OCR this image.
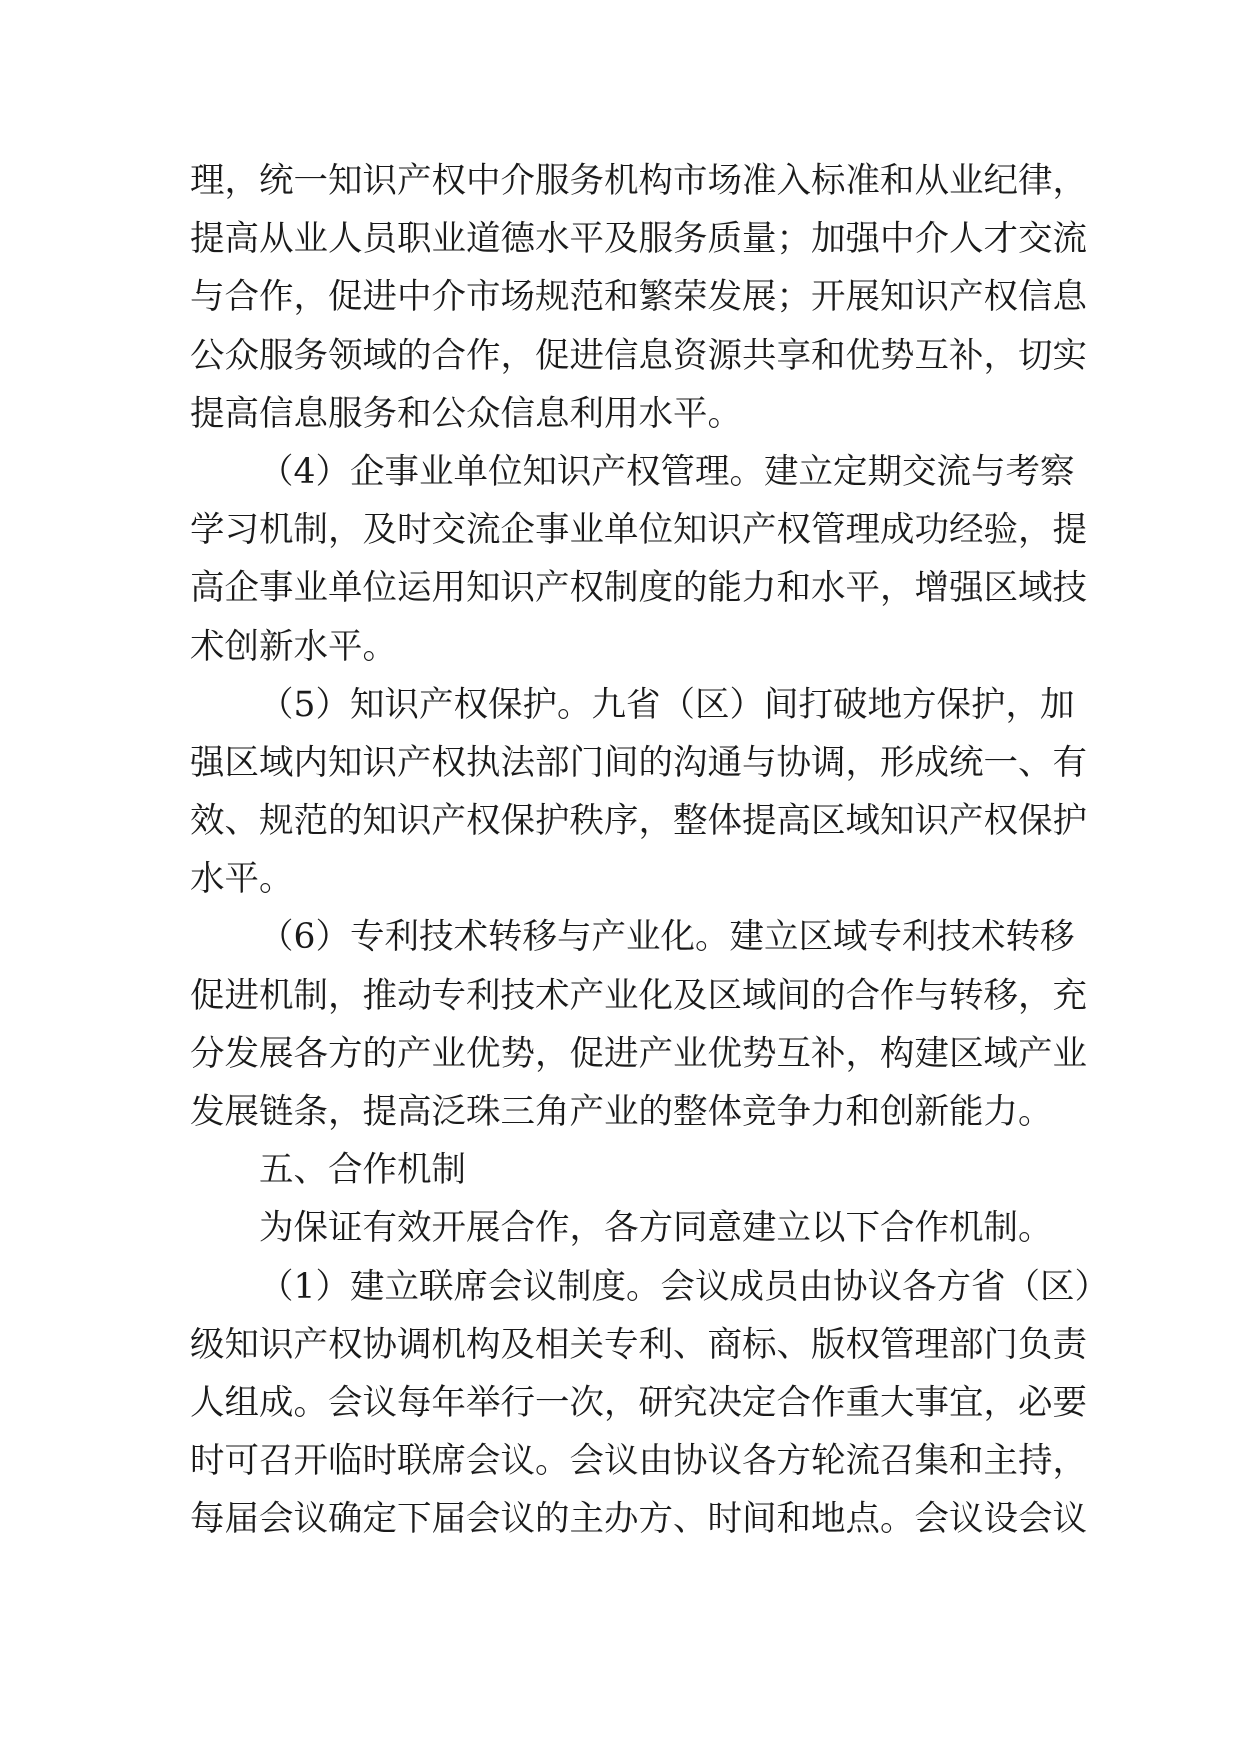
理，统一知识产权中介服务机构市场准入标准和从业纪律，
提高从业人员职业道德水平及服务质量；加强中介人才交流
与合作，促进中介市场规范和繁荣发展；开展知识产权信息
公众服务领域的合作，促进信息资源共享和优势互补，切实
提高信息服务和公众信息利用水平。
（4）企事业单位知识产权管理。建立定期交流与考察
学习机制，及时交流企事业单位知识产权管理成功经验，提
高企事业单位运用知识产权制度的能力和水平，增强区域技
术创新水平。
（5）知识产权保护。九省（区）间打破地方保护，加
强区域内知识产权执法部门间的沟通与协调，形成统一、有
效、规范的知识产权保护秩序，整体提高区域知识产权保护
水平。
（6）专利技术转移与产业化。建立区域专利技术转移
促进机制，推动专利技术产业化及区域间的合作与转移，充
分发展各方的产业优势，促进产业优势互补，构建区域产业
发展链条，提高泛珠三角产业的整体竞争力和创新能力。
五、合作机制
为保证有效开展合作，各方同意建立以下合作机制。
（1）建立联席会议制度。会议成员由协议各方省（区）
级知识产权协调机构及相关专利、商标、版权管理部门负责
人组成。会议每年举行一次，研究决定合作重大事宜，必要
时可召开临时联席会议。会议由协议各方轮流召集和主持，
每届会议确定下届会议的主办方、时间和地点。会议设会议
